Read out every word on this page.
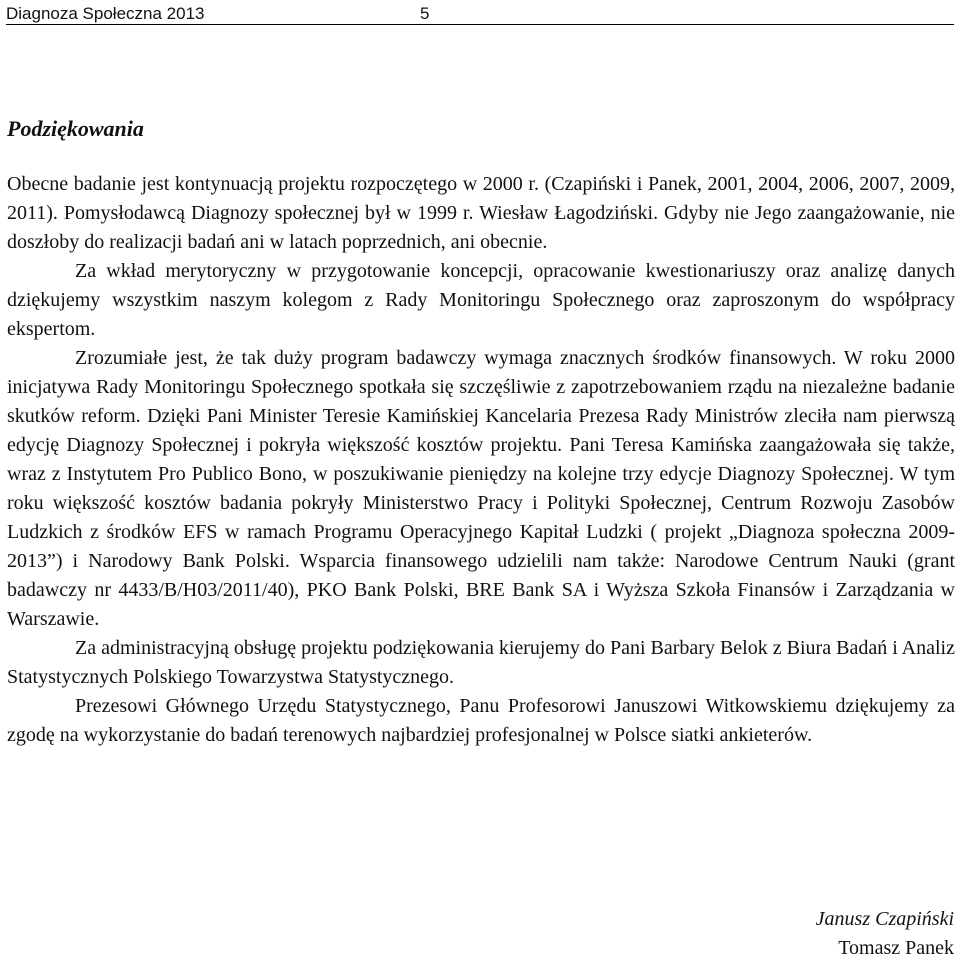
Diagnoza Społeczna 2013	5
Podziękowania

Obecne badanie jest kontynuacją projektu rozpoczętego w 2000 r. (Czapiński i Panek, 2001, 2004, 2006, 2007, 2009, 2011). Pomysłodawcą Diagnozy społecznej był w 1999 r. Wiesław Łagodziński. Gdyby nie Jego zaangażowanie, nie doszłoby do realizacji badań ani w latach poprzednich, ani obecnie.

Za wkład merytoryczny w przygotowanie koncepcji, opracowanie kwestionariuszy oraz analizę danych dziękujemy wszystkim naszym kolegom z Rady Monitoringu Społecznego oraz zaproszonym do współpracy ekspertom.

Zrozumiałe jest, że tak duży program badawczy wymaga znacznych środków finansowych. W roku 2000 inicjatywa Rady Monitoringu Społecznego spotkała się szczęśliwie z zapotrzebowaniem rządu na niezależne badanie skutków reform. Dzięki Pani Minister Teresie Kamińskiej Kancelaria Prezesa Rady Ministrów zleciła nam pierwszą edycję Diagnozy Społecznej i pokryła większość kosztów projektu. Pani Teresa Kamińska zaangażowała się także, wraz z Instytutem Pro Publico Bono, w poszukiwanie pieniędzy na kolejne trzy edycje Diagnozy Społecznej. W tym roku większość kosztów badania pokryły Ministerstwo Pracy i Polityki Społecznej, Centrum Rozwoju Zasobów Ludzkich z środków EFS w ramach Programu Operacyjnego Kapitał Ludzki ( projekt „Diagnoza społeczna 2009-2013”) i Narodowy Bank Polski. Wsparcia finansowego udzielili nam także: Narodowe Centrum Nauki (grant badawczy nr 4433/B/H03/2011/40), PKO Bank Polski, BRE Bank SA i Wyższa Szkoła Finansów i Zarządzania w Warszawie.

Za administracyjną obsługę projektu podziękowania kierujemy do Pani Barbary Belok z Biura Badań i Analiz Statystycznych Polskiego Towarzystwa Statystycznego.

Prezesowi Głównego Urzędu Statystycznego, Panu Profesorowi Januszowi Witkowskiemu dziękujemy za zgodę na wykorzystanie do badań terenowych najbardziej profesjonalnej w Polsce siatki ankieterów.

Janusz Czapiński
Tomasz Panek
